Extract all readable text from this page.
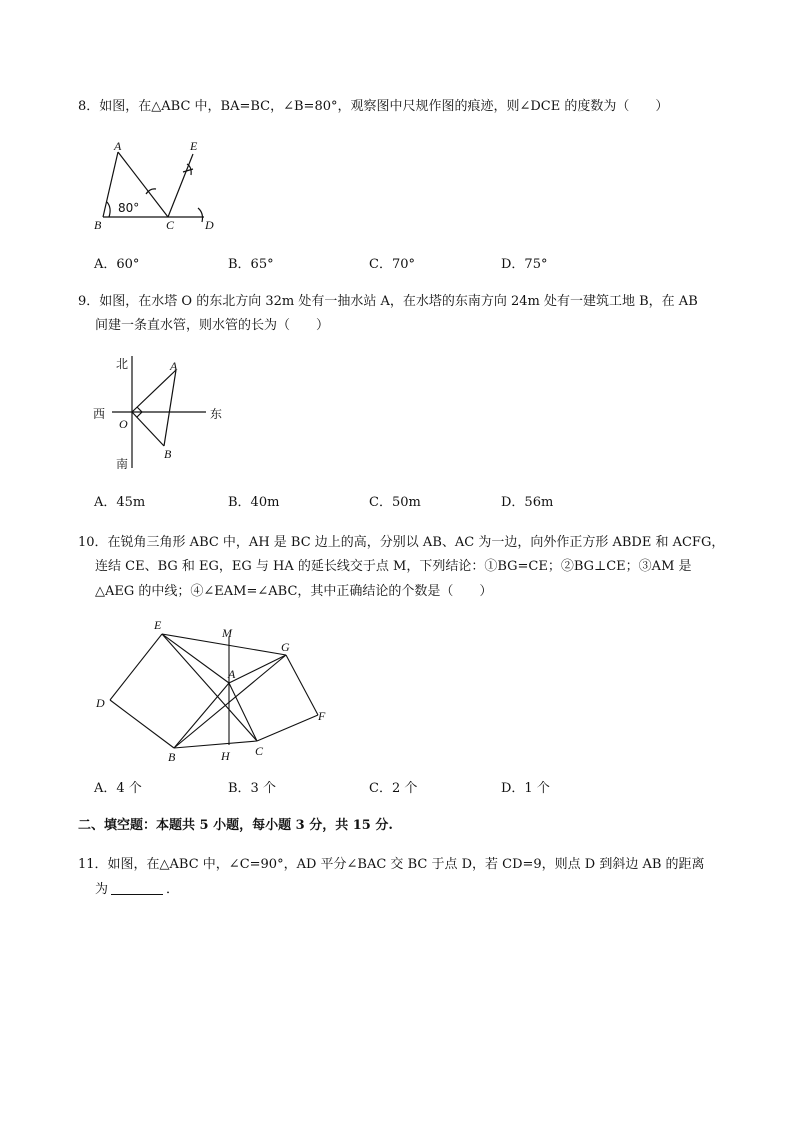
8．如图，在△ABC 中，BA=BC，∠B=80°，观察图中尺规作图的痕迹，则∠DCE 的度数为（　　）
A
B	C	D
E
80°
A．60°	B．65°	C．70°	D．75°
9．如图，在水塔 O 的东北方向 32m 处有一抽水站 A，在水塔的东南方向 24m 处有一建筑工地 B，在 AB
间建一条直水管，则水管的长为（　　）
北
南
西	东
O
A
B
A．45m	B．40m	C．50m	D．56m
10．在锐角三角形 ABC 中，AH 是 BC 边上的高，分别以 AB、AC 为一边，向外作正方形 ABDE 和 ACFG，
连结 CE、BG 和 EG，EG 与 HA 的延长线交于点 M，下列结论：①BG=CE；②BG⊥CE；③AM 是
△AEG 的中线；④∠EAM=∠ABC，其中正确结论的个数是（　　）
E
M
G
A
D
F
B	H C
A．4 个	B．3 个	C．2 个	D．1 个
二、填空题：本题共 5 小题，每小题 3 分，共 15 分.
11．如图，在△ABC 中，∠C=90°，AD 平分∠BAC 交 BC 于点 D，若 CD=9，则点 D 到斜边 AB 的距离
为	．
